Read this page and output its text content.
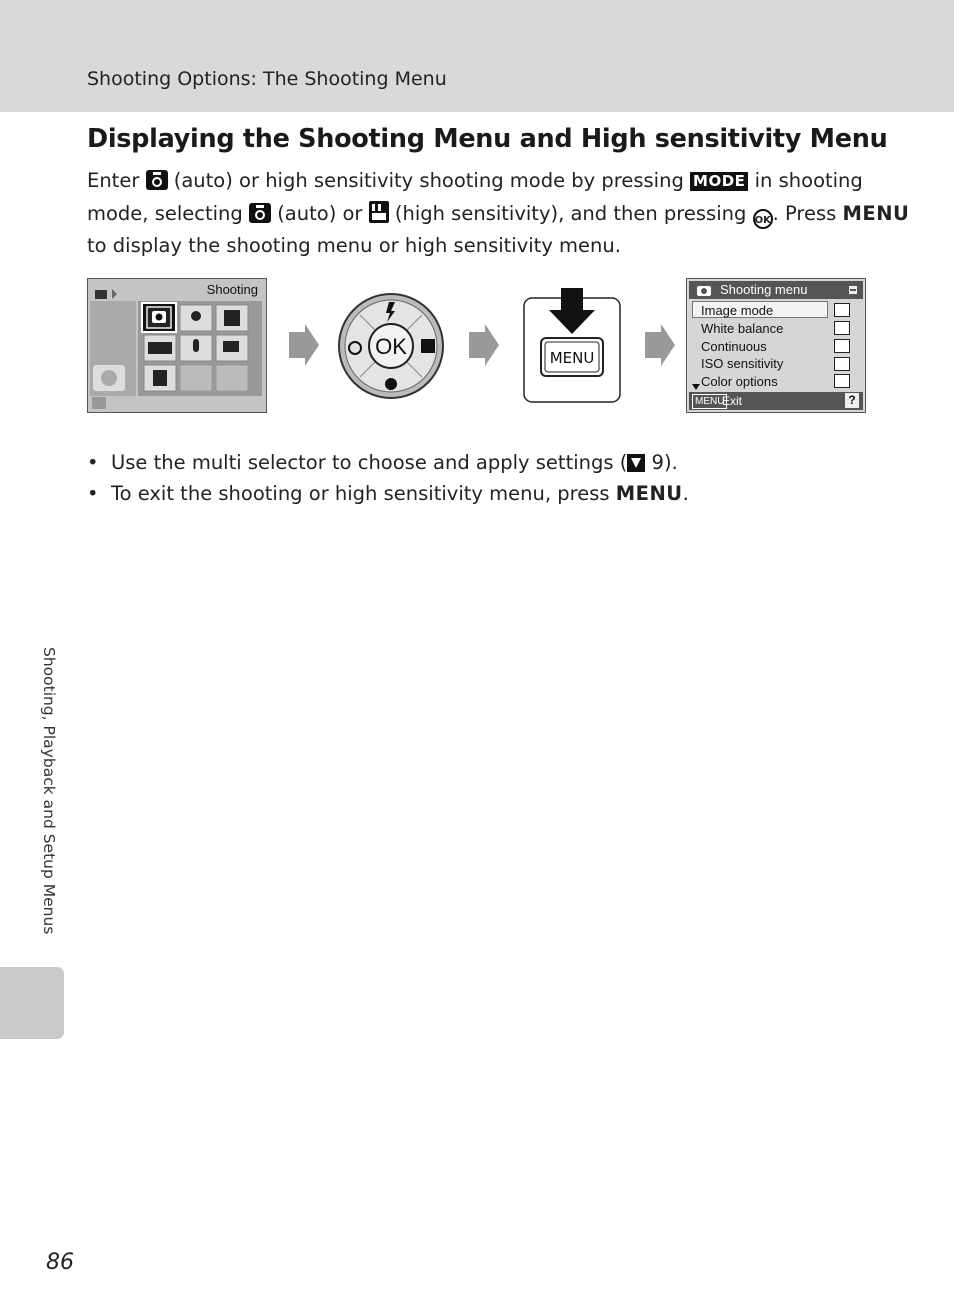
Shooting Options: The Shooting Menu
Displaying the Shooting Menu and High sensitivity Menu
Enter (auto) or high sensitivity shooting mode by pressing MODE in shooting
mode, selecting (auto) or (high sensitivity), and then pressing OK. Press MENU
to display the shooting menu or high sensitivity menu.
Shooting
OK	MENU
Shooting menu
Image mode
White balance
Continuous
ISO sensitivity
Color options
MENU
Exit	?
• Use the multi selector to choose and apply settings ( 9).
• To exit the shooting or high sensitivity menu, press MENU.
Shooting, Playback and Setup Menus
86
